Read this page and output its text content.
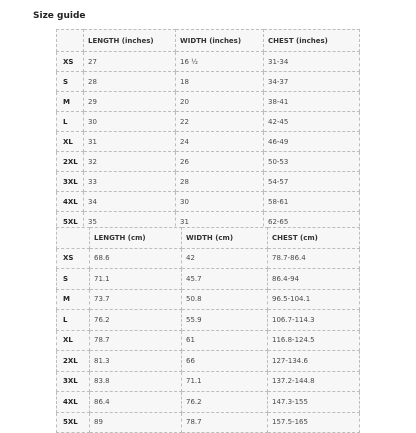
Size guide
	LENGTH (inches)	WIDTH (inches)	CHEST (inches)
XS	27	16 ½	31-34
S	28	18	34-37
M	29	20	38-41
L	30	22	42-45
XL	31	24	46-49
2XL	32	26	50-53
3XL	33	28	54-57
4XL	34	30	58-61
5XL	35	31	62-65
	LENGTH (cm)	WIDTH (cm)	CHEST (cm)
XS	68.6	42	78.7-86.4
S	71.1	45.7	86.4-94
M	73.7	50.8	96.5-104.1
L	76.2	55.9	106.7-114.3
XL	78.7	61	116.8-124.5
2XL	81.3	66	127-134.6
3XL	83.8	71.1	137.2-144.8
4XL	86.4	76.2	147.3-155
5XL	89	78.7	157.5-165
